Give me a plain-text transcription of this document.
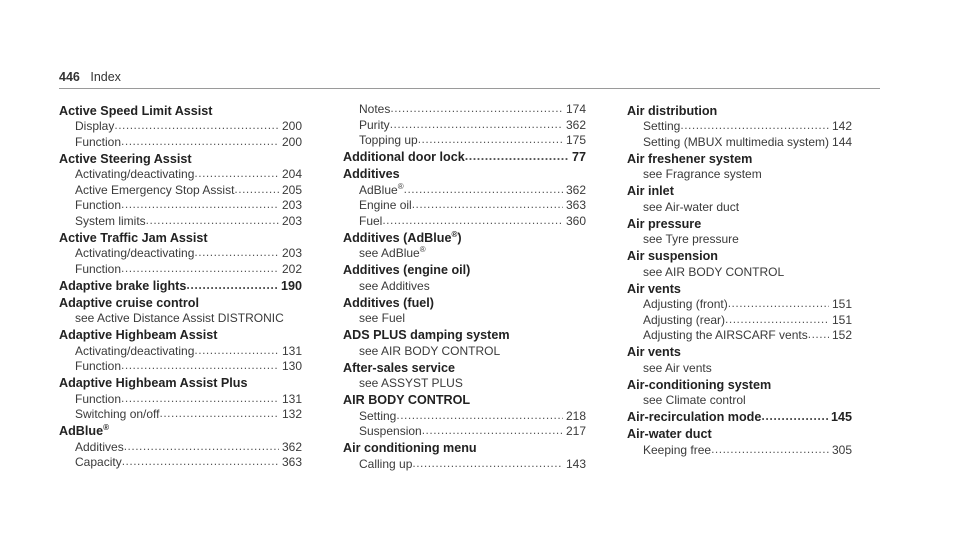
446 Index
Active Speed Limit Assist
Display .....	200
Function .....	200
Active Steering Assist
Activating/deactivating .....	204
Active Emergency Stop Assist .....	205
Function .....	203
System limits .....	203
Active Traffic Jam Assist
Activating/deactivating .....	203
Function .....	202
Adaptive brake lights .....	190
Adaptive cruise control
see Active Distance Assist DISTRONIC
Adaptive Highbeam Assist
Activating/deactivating .....	131
Function .....	130
Adaptive Highbeam Assist Plus
Function .....	131
Switching on/off .....	132
AdBlue®
Additives .....	362
Capacity .....	363
Notes .....	174
Purity .....	362
Topping up .....	175
Additional door lock .....	77
Additives
AdBlue® .....	362
Engine oil .....	363
Fuel .....	360
Additives (AdBlue®)
see AdBlue®
Additives (engine oil)
see Additives
Additives (fuel)
see Fuel
ADS PLUS damping system
see AIR BODY CONTROL
After-sales service
see ASSYST PLUS
AIR BODY CONTROL
Setting .....	218
Suspension .....	217
Air conditioning menu
Calling up .....	143
Air distribution
Setting .....	142
Setting (MBUX multimedia system) 144
Air freshener system
see Fragrance system
Air inlet
see Air-water duct
Air pressure
see Tyre pressure
Air suspension
see AIR BODY CONTROL
Air vents
Adjusting (front) .....	151
Adjusting (rear) .....	151
Adjusting the AIRSCARF vents ..... 152
Air vents
see Air vents
Air-conditioning system
see Climate control
Air-recirculation mode .....	145
Air-water duct
Keeping free .....	305
